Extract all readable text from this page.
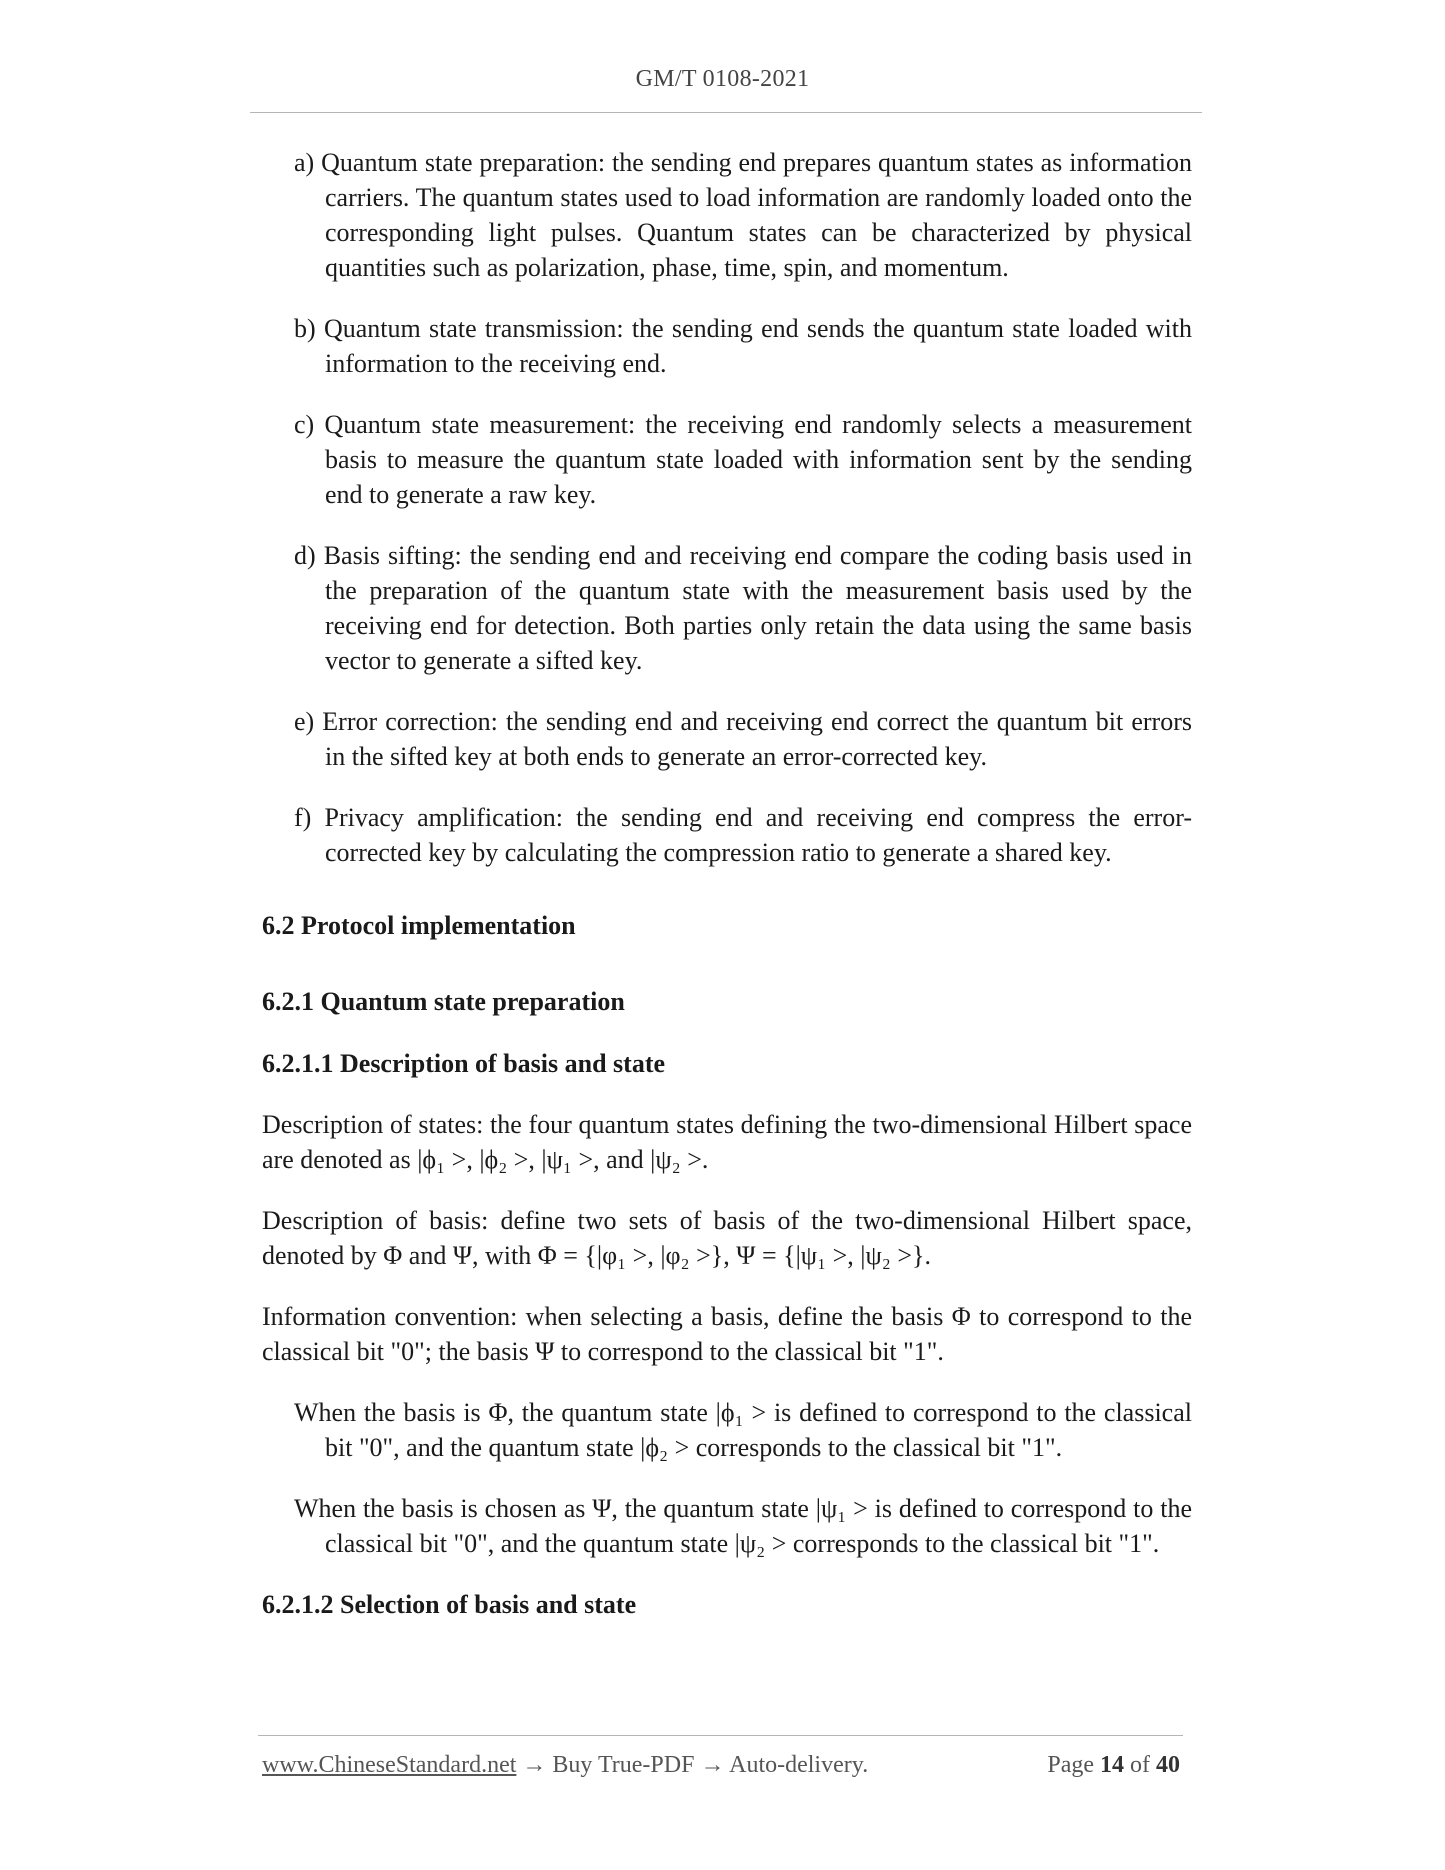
GM/T 0108-2021

a) Quantum state preparation: the sending end prepares quantum states as information carriers. The quantum states used to load information are randomly loaded onto the corresponding light pulses. Quantum states can be characterized by physical quantities such as polarization, phase, time, spin, and momentum.

b) Quantum state transmission: the sending end sends the quantum state loaded with information to the receiving end.

c) Quantum state measurement: the receiving end randomly selects a measurement basis to measure the quantum state loaded with information sent by the sending end to generate a raw key.

d) Basis sifting: the sending end and receiving end compare the coding basis used in the preparation of the quantum state with the measurement basis used by the receiving end for detection. Both parties only retain the data using the same basis vector to generate a sifted key.

e) Error correction: the sending end and receiving end correct the quantum bit errors in the sifted key at both ends to generate an error-corrected key.

f) Privacy amplification: the sending end and receiving end compress the error-corrected key by calculating the compression ratio to generate a shared key.

6.2 Protocol implementation

6.2.1 Quantum state preparation

6.2.1.1 Description of basis and state

Description of states: the four quantum states defining the two-dimensional Hilbert space are denoted as |ϕ₁ >, |ϕ₂ >, |ψ₁ >, and |ψ₂ >.

Description of basis: define two sets of basis of the two-dimensional Hilbert space, denoted by Φ and Ψ, with Φ = {|φ₁ >, |φ₂ >}, Ψ = {|ψ₁ >, |ψ₂ >}.

Information convention: when selecting a basis, define the basis Φ to correspond to the classical bit "0"; the basis Ψ to correspond to the classical bit "1".

When the basis is Φ, the quantum state |ϕ₁ > is defined to correspond to the classical bit "0", and the quantum state |ϕ₂ > corresponds to the classical bit "1".

When the basis is chosen as Ψ, the quantum state |ψ₁ > is defined to correspond to the classical bit "0", and the quantum state |ψ₂ > corresponds to the classical bit "1".

6.2.1.2 Selection of basis and state

www.ChineseStandard.net → Buy True-PDF → Auto-delivery.	Page 14 of 40
